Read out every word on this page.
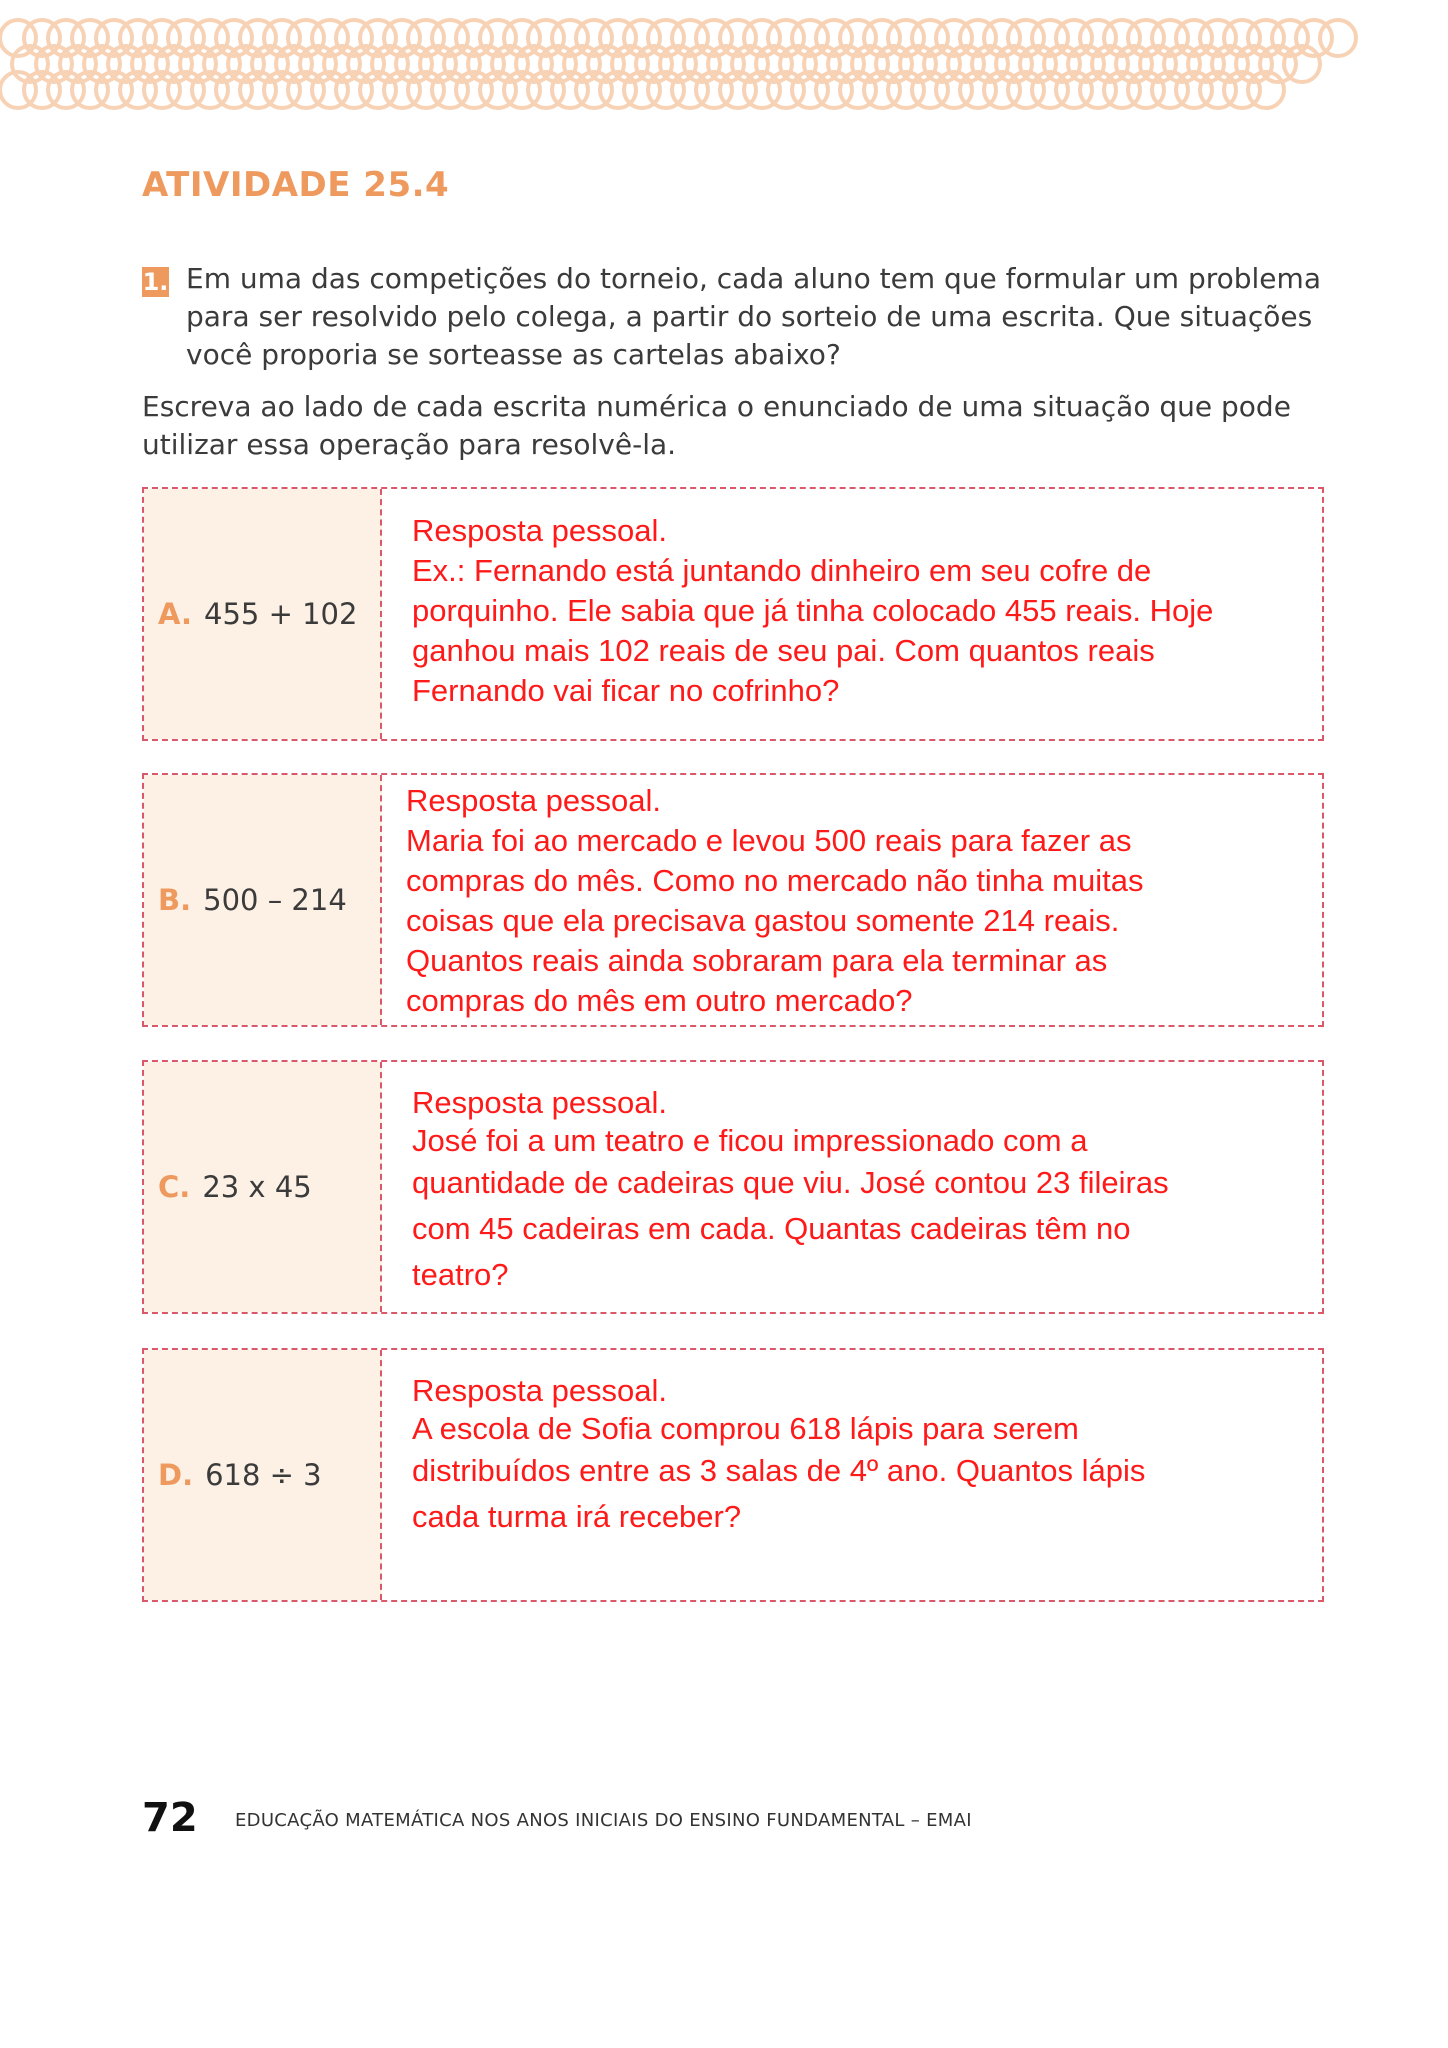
ATIVIDADE 25.4
1. Em uma das competições do torneio, cada aluno tem que formular um problema para ser resolvido pelo colega, a partir do sorteio de uma escrita. Que situações você proporia se sorteasse as cartelas abaixo?
Escreva ao lado de cada escrita numérica o enunciado de uma situação que pode utilizar essa operação para resolvê-la.
A. 455 + 102
Resposta pessoal.
Ex.: Fernando está juntando dinheiro em seu cofre de
porquinho. Ele sabia que já tinha colocado 455 reais. Hoje
ganhou mais 102 reais de seu pai. Com quantos reais
Fernando vai ficar no cofrinho?
B. 500 – 214
Resposta pessoal.
Maria foi ao mercado e levou 500 reais para fazer as
compras do mês. Como no mercado não tinha muitas
coisas que ela precisava gastou somente 214 reais.
Quantos reais ainda sobraram para ela terminar as
compras do mês em outro mercado?
C. 23 x 45
Resposta pessoal.
José foi a um teatro e ficou impressionado com a
quantidade de cadeiras que viu. José contou 23 fileiras
com 45 cadeiras em cada. Quantas cadeiras têm no
teatro?
D. 618 ÷ 3
Resposta pessoal.
A escola de Sofia comprou 618 lápis para serem
distribuídos entre as 3 salas de 4º ano. Quantos lápis
cada turma irá receber?
72 EDUCAÇÃO MATEMÁTICA NOS ANOS INICIAIS DO ENSINO FUNDAMENTAL – EMAI
